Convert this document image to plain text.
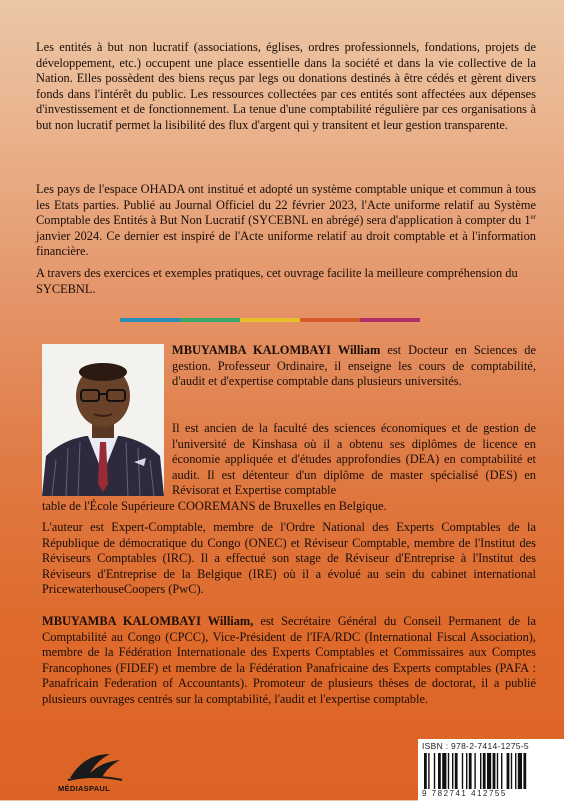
Les entités à but non lucratif (associations, églises, ordres professionnels, fondations, projets de développement, etc.) occupent une place essentielle dans la société et dans la vie collective de la Nation. Elles possèdent des biens reçus par legs ou donations destinés à être cédés et gèrent divers fonds dans l'intérêt du public. Les ressources collectées par ces entités sont affectées aux dépenses d'investissement et de fonctionnement. La tenue d'une comptabilité régulière par ces organisations à but non lucratif permet la lisibilité des flux d'argent qui y transitent et leur gestion transparente.

Les pays de l'espace OHADA ont institué et adopté un système comptable unique et commun à tous les Etats parties. Publié au Journal Officiel du 22 février 2023, l'Acte uniforme relatif au Système Comptable des Entités à But Non Lucratif (SYCEBNL en abrégé) sera d'application à compter du 1er janvier 2024. Ce dernier est inspiré de l'Acte uniforme relatif au droit comptable et à l'information financière.

A travers des exercices et exemples pratiques, cet ouvrage facilite la meilleure compréhension du SYCEBNL.

MBUYAMBA KALOMBAYI William est Docteur en Sciences de gestion. Professeur Ordinaire, il enseigne les cours de comptabilité, d'audit et d'expertise comptable dans plusieurs universités.

Il est ancien de la faculté des sciences économiques et de gestion de l'université de Kinshasa où il a obtenu ses diplômes de licence en économie appliquée et d'études approfondies (DEA) en comptabilité et audit. Il est détenteur d'un diplôme de master spécialisé (DES) en Révisorat et Expertise comptable

table de l'École Supérieure COOREMANS de Bruxelles en Belgique.

L'auteur est Expert-Comptable, membre de l'Ordre National des Experts Comptables de la République de démocratique du Congo (ONEC) et Réviseur Comptable, membre de l'Institut des Réviseurs Comptables (IRC). Il a effectué son stage de Réviseur d'Entreprise à l'Institut des Réviseurs d'Entreprise de la Belgique (IRE) où il a évolué au sein du cabinet international PricewaterhouseCoopers (PwC).

MBUYAMBA KALOMBAYI William, est Secrétaire Général du Conseil Permanent de la Comptabilité au Congo (CPCC), Vice-Président de l'IFA/RDC (International Fiscal Association), membre de la Fédération Internationale des Experts Comptables et Commissaires aux Comptes Francophones (FIDEF) et membre de la Fédération Panafricaine des Experts comptables (PAFA : Panafricain Federation of Accountants). Promoteur de plusieurs thèses de doctorat, il a publié plusieurs ouvrages centrés sur la comptabilité, l'audit et l'expertise comptable.

MÉDIASPAUL
ISBN : 978-2-7414-1275-5
9 782741 412755
